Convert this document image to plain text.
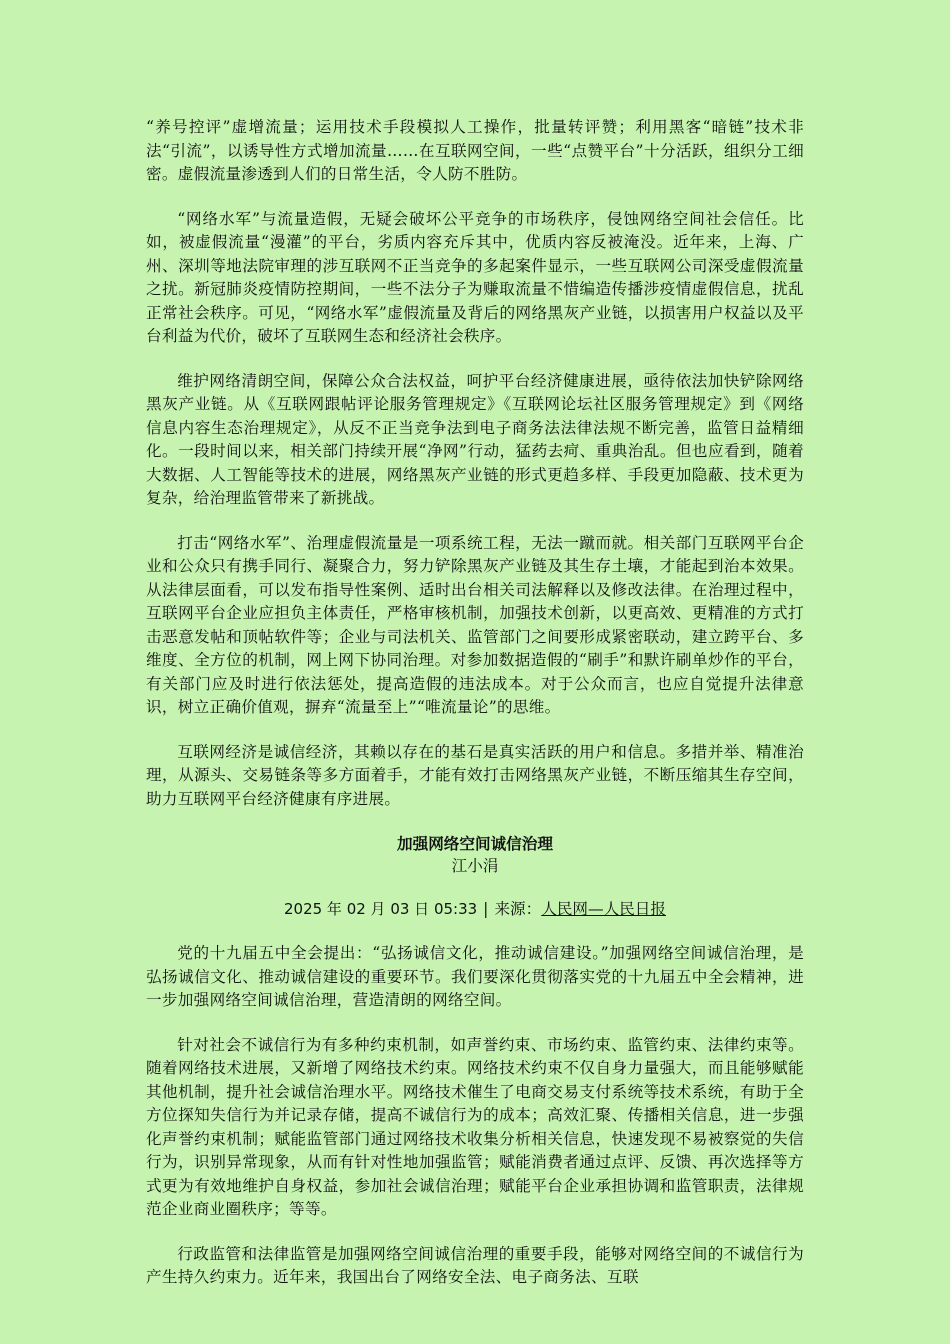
“养号控评”虚增流量；运用技术手段模拟人工操作，批量转评赞；利用黑客“暗链”技术非法“引流”，以诱导性方式增加流量……在互联网空间，一些“点赞平台”十分活跃，组织分工细密。虚假流量渗透到人们的日常生活，令人防不胜防。

“网络水军”与流量造假，无疑会破坏公平竞争的市场秩序，侵蚀网络空间社会信任。比如，被虚假流量“漫灌”的平台，劣质内容充斥其中，优质内容反被淹没。近年来，上海、广州、深圳等地法院审理的涉互联网不正当竞争的多起案件显示，一些互联网公司深受虚假流量之扰。新冠肺炎疫情防控期间，一些不法分子为赚取流量不惜编造传播涉疫情虚假信息，扰乱正常社会秩序。可见，“网络水军”虚假流量及背后的网络黑灰产业链，以损害用户权益以及平台利益为代价，破坏了互联网生态和经济社会秩序。

维护网络清朗空间，保障公众合法权益，呵护平台经济健康进展，亟待依法加快铲除网络黑灰产业链。从《互联网跟帖评论服务管理规定》《互联网论坛社区服务管理规定》到《网络信息内容生态治理规定》，从反不正当竞争法到电子商务法法律法规不断完善，监管日益精细化。一段时间以来，相关部门持续开展“净网”行动，猛药去疴、重典治乱。但也应看到，随着大数据、人工智能等技术的进展，网络黑灰产业链的形式更趋多样、手段更加隐蔽、技术更为复杂，给治理监管带来了新挑战。

打击“网络水军”、治理虚假流量是一项系统工程，无法一蹴而就。相关部门互联网平台企业和公众只有携手同行、凝聚合力，努力铲除黑灰产业链及其生存土壤，才能起到治本效果。从法律层面看，可以发布指导性案例、适时出台相关司法解释以及修改法律。在治理过程中，互联网平台企业应担负主体责任，严格审核机制，加强技术创新，以更高效、更精准的方式打击恶意发帖和顶帖软件等；企业与司法机关、监管部门之间要形成紧密联动，建立跨平台、多维度、全方位的机制，网上网下协同治理。对参加数据造假的“刷手”和默许刷单炒作的平台，有关部门应及时进行依法惩处，提高造假的违法成本。对于公众而言，也应自觉提升法律意识，树立正确价值观，摒弃“流量至上”“唯流量论”的思维。

互联网经济是诚信经济，其赖以存在的基石是真实活跃的用户和信息。多措并举、精准治理，从源头、交易链条等多方面着手，才能有效打击网络黑灰产业链，不断压缩其生存空间，助力互联网平台经济健康有序进展。

加强网络空间诚信治理

江小涓

2025 年 02 月 03 日 05:33 | 来源：人民网—人民日报

党的十九届五中全会提出：“弘扬诚信文化，推动诚信建设。”加强网络空间诚信治理，是弘扬诚信文化、推动诚信建设的重要环节。我们要深化贯彻落实党的十九届五中全会精神，进一步加强网络空间诚信治理，营造清朗的网络空间。

针对社会不诚信行为有多种约束机制，如声誉约束、市场约束、监管约束、法律约束等。随着网络技术进展，又新增了网络技术约束。网络技术约束不仅自身力量强大，而且能够赋能其他机制，提升社会诚信治理水平。网络技术催生了电商交易支付系统等技术系统，有助于全方位探知失信行为并记录存储，提高不诚信行为的成本；高效汇聚、传播相关信息，进一步强化声誉约束机制；赋能监管部门通过网络技术收集分析相关信息，快速发现不易被察觉的失信行为，识别异常现象，从而有针对性地加强监管；赋能消费者通过点评、反馈、再次选择等方式更为有效地维护自身权益，参加社会诚信治理；赋能平台企业承担协调和监管职责，法律规范企业商业圈秩序；等等。

行政监管和法律监管是加强网络空间诚信治理的重要手段，能够对网络空间的不诚信行为产生持久约束力。近年来，我国出台了网络安全法、电子商务法、互联
